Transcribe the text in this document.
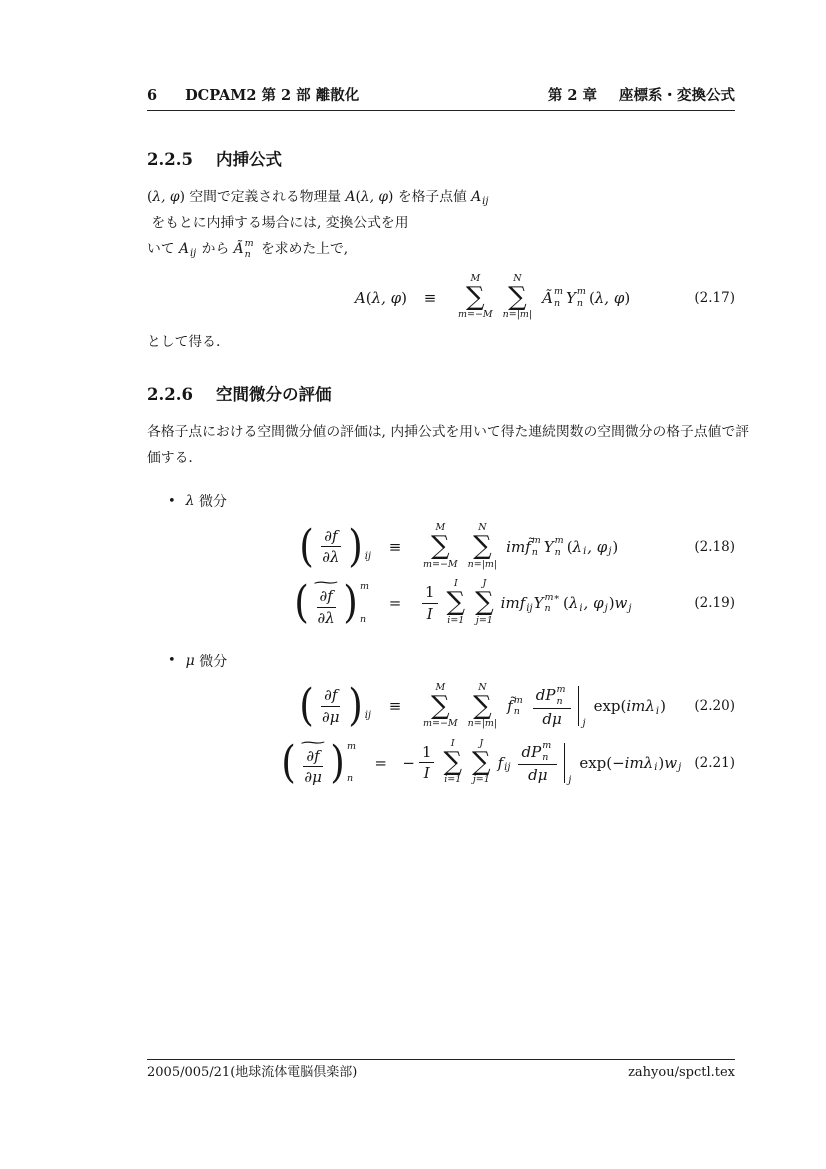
6 DCPAM2 第 2 部 離散化	第 2 章 座標系・変換公式
2.2.5 内挿公式

( λ, φ ) 空間で定義される物理量 A ( λ, φ ) を格子点値 A ij
をもとに内挿する場合には, 変換公式を用
いて A ij から Ã m
n を求めた上で,

A ( λ, φ )	≡
M
∑
m=−M
N
∑
n=|m|
Ã m
n Y m
n ( λ, φ )	(2.17)

として得る.

2.2.6 空間微分の評価

各格子点における空間微分値の評価は, 内挿公式を用いて得た連続関数の空間微分の格子点値で評
価する.

• λ 微分
( ∂f
∂λ ) ij
≡
M
∑
m=−M
N
∑
n=|m|
im f̃ m
n Y m
n ( λ i , φ j )	(2.18)
( ∼
∂f
∂λ ) m
n
=
1
I
I
∑
i=1
J
∑
j=1
im f ij Y m∗
n ( λ i , φ j ) w j	(2.19)
• μ 微分
( ∂f
∂μ ) ij
≡
M
∑
m=−M
N
∑
n=|m|
f̃ m
n
dP m
n
dμ j
exp( imλ i )	(2.20)
( ∼
∂f
∂μ ) m
n
=	− $\frac{1}{I}$
I
∑
i=1
J
∑
j=1
f ij
dP m
n
dμ j
exp(− imλ i ) w j (2.21)
2005/005/21(地球流体電脳倶楽部)	zahyou/spctl.tex
